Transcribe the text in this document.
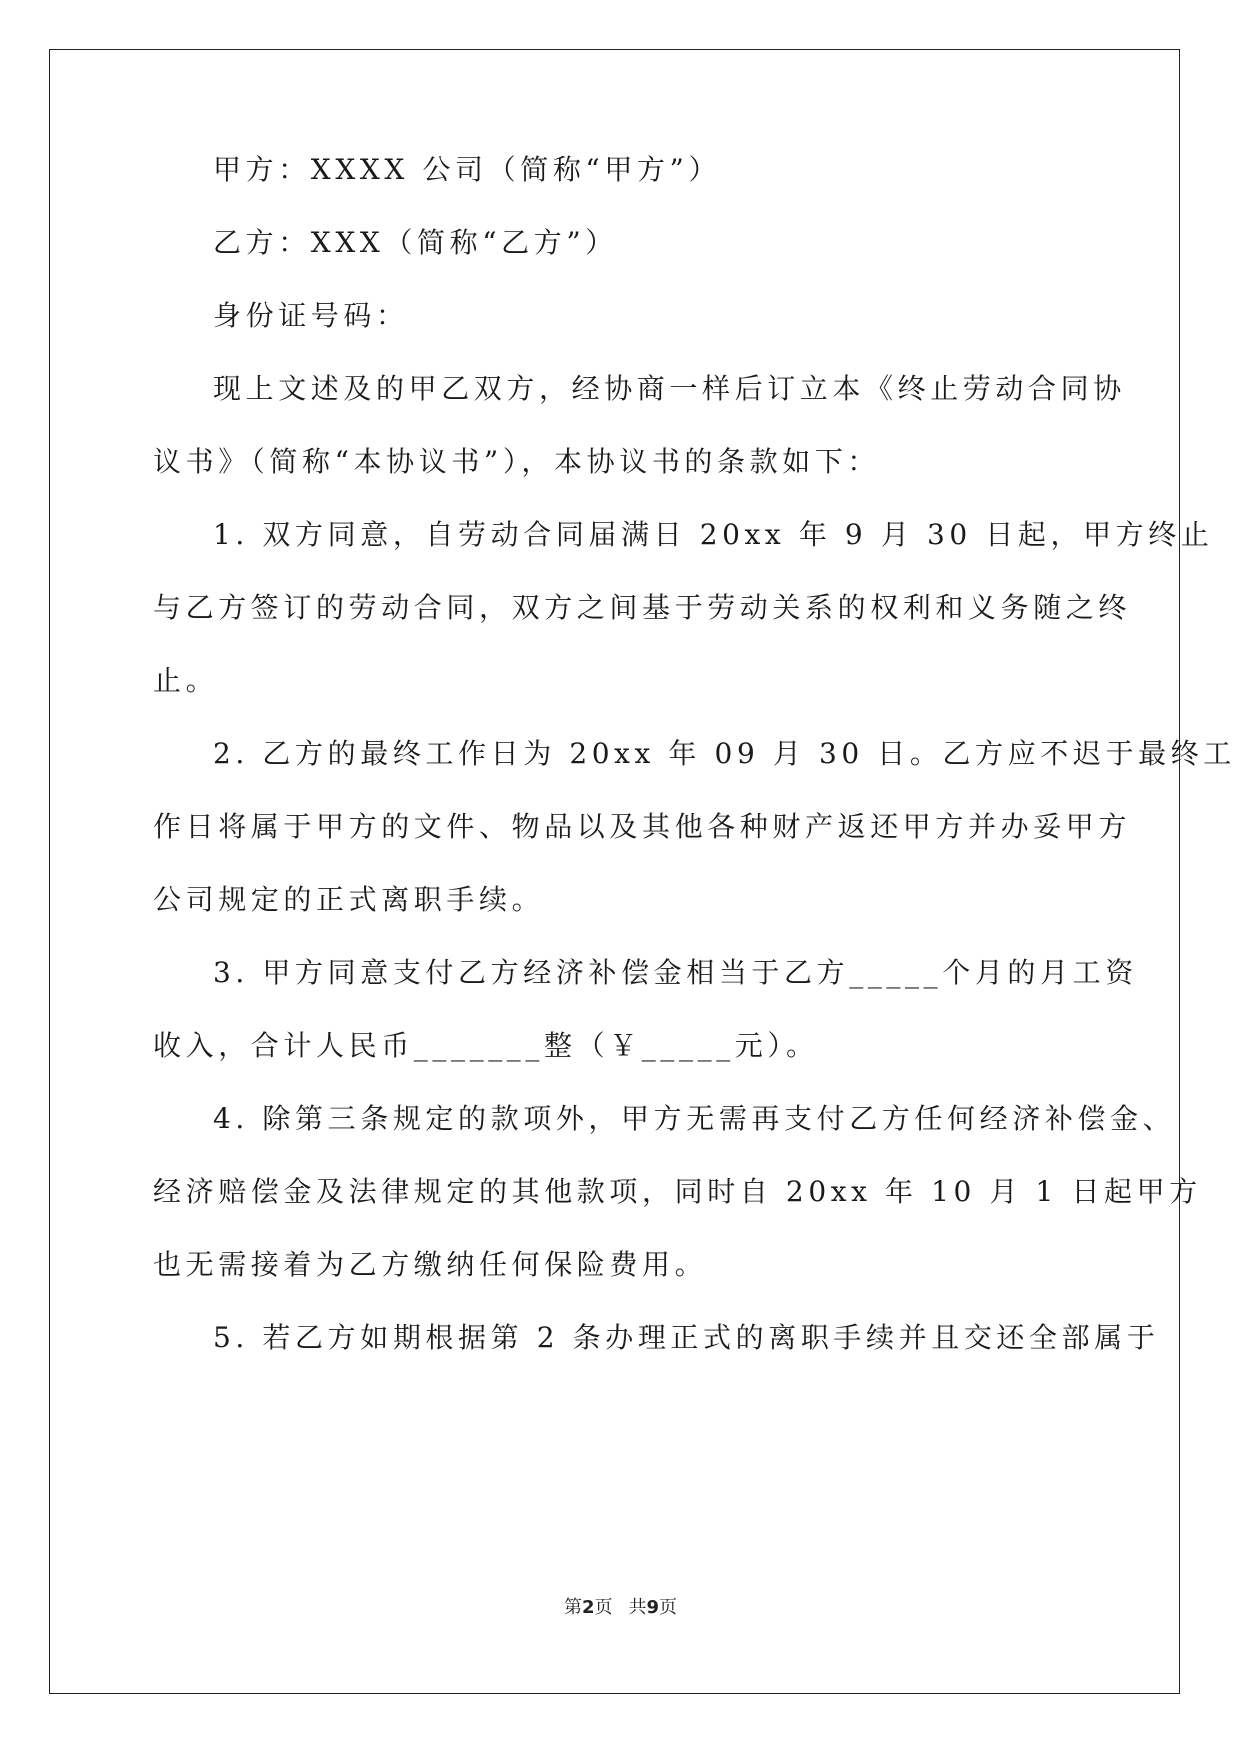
甲方：XXXX 公司（简称“甲方”）
乙方：XXX（简称“乙方”）
身份证号码：
现上文述及的甲乙双方，经协商一样后订立本《终止劳动合同协
议书》（简称“本协议书”），本协议书的条款如下：
1. 双方同意，自劳动合同届满日 20xx 年 9 月 30 日起，甲方终止
与乙方签订的劳动合同，双方之间基于劳动关系的权利和义务随之终
止。
2. 乙方的最终工作日为 20xx 年 09 月 30 日。乙方应不迟于最终工
作日将属于甲方的文件、物品以及其他各种财产返还甲方并办妥甲方
公司规定的正式离职手续。
3. 甲方同意支付乙方经济补偿金相当于乙方_____个月的月工资
收入，合计人民币_______整（￥_____元）。
4. 除第三条规定的款项外，甲方无需再支付乙方任何经济补偿金、
经济赔偿金及法律规定的其他款项，同时自 20xx 年 10 月 1 日起甲方
也无需接着为乙方缴纳任何保险费用。
5. 若乙方如期根据第 2 条办理正式的离职手续并且交还全部属于
第2页 共9页
